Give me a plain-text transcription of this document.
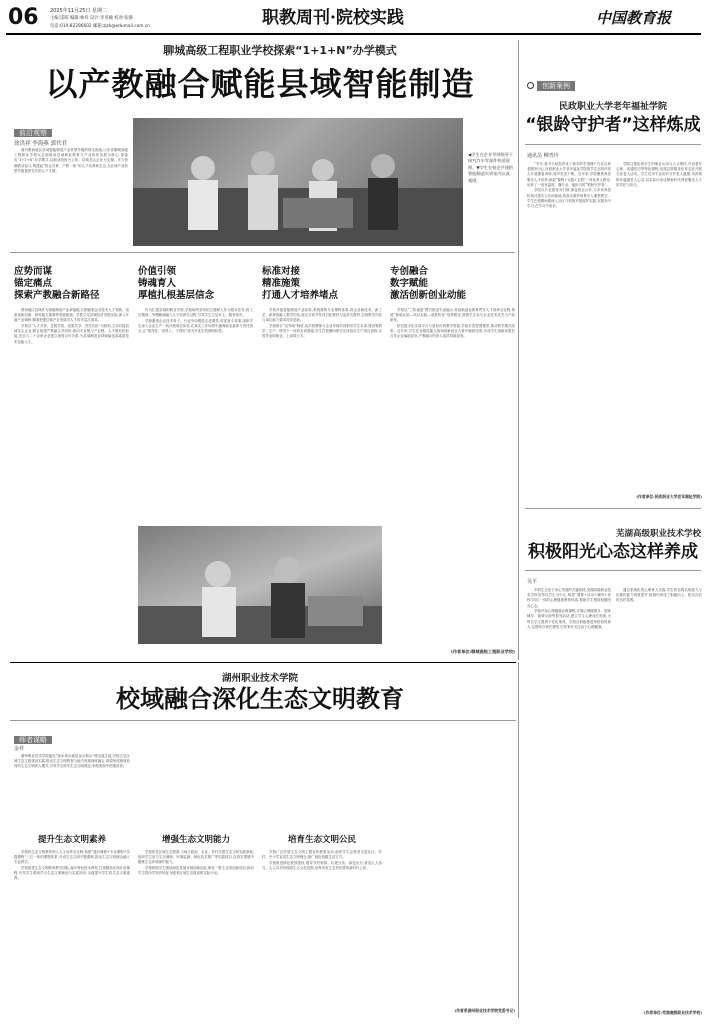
06 2025年11月25日 星期二
主编:雷晖 编辑:林祥 设计:李亚楠 校对:张静
电话:010-82296602 邮箱:zjzk@edumail.com.cn	职教周刊·院校实践	中国教育报
聊城高级工程职业学校探索“1+1+N”办学模式
以产教融合赋能县域智能制造
前沿观察
徐洪祥 李海燕 郭代君

面对鲁西地区县域智能制造产业转型升级的现实挑战,山东省聊城高级工程职业学校以全面推动县域职业教育与产业协同发展为核心,探索出“1+1+N”办学模式,以职业院校为主体、县域龙头企业为支撑、多方资源联动参与,构建起“校企共育、产教一体”的人才培养新生态,为区域产业转型升级提供坚实的人才支撑。

◀学生在企业导师指导下探究汽车零部件构造原理。▼学生在校企共建的智能制造实训室内认真观摩。
应势而谋
锚定痛点
探索产教融合新路径

鲁西地区县域作为智能制造产业承接地,长期面临企业技术人才短缺、设备更新迟缓、研发能力薄弱等发展瓶颈。学校立足县域经济发展实际,深入开展产业调研,精准把握区域产业发展对人才的多层次需求。

学校以“人才共育、过程共管、成果共享、责任共担”为原则,主动对接县域龙头企业,联合组建产教融合共同体,推动专业链与产业链、人才链有机衔接,先后与二十余家企业建立深度合作关系,为县域制造业持续输送高素质技术技能人才。

价值引领
铸魂育人
厚植扎根基层信念

作为扎根县域的职业学校,学校始终坚持把立德树人作为根本任务,将工匠精神、劳模精神融入人才培养全过程,引导学生立足本土、服务家乡。

学校邀请企业技术骨干、行业劳动模范走进课堂,讲述奋斗故事,组织学生深入企业生产一线开展岗位体验,在真实工作场景中涵养职业素养与责任担当,让“留得住、用得上、干得好”成为毕业生的鲜明标签。

标准对接
精准施策
打通人才培养堵点

学校对接智能制造产业标准,系统重构专业课程体系,将企业新技术、新工艺、新规范融入教学内容,校企共同开发项目化教材与活页式教材,实现教学内容与岗位能力要求同步更新。

学校推行“双导师”制度,由学校教师与企业导师共同指导学生实训,建设集教学、生产、研发于一体的实训基地,学生在校期间即可完成真实生产项目训练,实现毕业即就业、上岗即上手。

专创融合
数字赋能
激活创新创业动能

学校以“三阶递进”模式推进专创融合,将创新创业教育贯穿人才培养全过程,构建“基础认知—项目实践—成果转化”培养路径,鼓励学生参与企业技术攻关与产品研发。

依托数字化实训平台与虚拟仿真教学资源,学校打造智慧课堂,推动教学模式改革。近年来,学生在各级技能大赛和创新创业大赛中屡获佳绩,多项学生创新成果在合作企业落地应用,产教融合的育人成效持续显现。

(作者单位:聊城高级工程职业学校)
创新案例
民政职业大学老年福祉学院
“银龄守护者”这样炼成
通讯员 柳青玲

“爷爷,我今天给您带来了新学的手指操!”在社区养老服务中心,民政职业大学老年福祉学院的学生正陪伴老人开展康复训练,欢声笑语不断。近年来,学院聚焦养老服务人才培养,探索“课程+实践+志愿”一体化育人路径,培养了一批有温度、懂专业、能担当的“银龄守护者”。

学院以专业建设为引领,深化校企合作,与多家养老机构共建实习实训基地,将真实照护场景引入课堂教学。学生在校期间即深入社区与机构开展照护实践,在服务中学习,在学习中成长。

学院注重培育学生的职业认同与人文情怀,开设老年心理、沟通技巧等特色课程,组建志愿服务队常态化开展关爱老人活动。学生们用专业知识守护老人健康,用真情陪伴温暖老人心灵,以实际行动诠释新时代养老服务人才的责任与担当。

(作者单位:民政职业大学老年福祉学院)
芜湖高级职业技术学校
积极阳光心态这样养成
湖州职业技术学院
校域融合深化生态文明教育
师者谋略
金祥

湖州职业技术学院地处“绿水青山就是金山银山”理念诞生地,学校立足区域生态文明建设实践,推动生态文明教育与地方资源深度融合,探索形成校域协同的生态文明育人模式,引导学生树牢生态文明理念,争做美丽中国建设者。

提升生态文明素养

学校将生态文明教育纳入人才培养全过程,构建“通识课程+专业课程+实践课程”三位一体的课程体系,开设生态文明专题课程,推动生态文明理念融入专业教学。

学校组建生态文明教育教学团队,编写特色校本教材,打造精品在线开放课程,引导学生系统学习生态文明理论与实践知识,全面提升学生的生态文明素养。

增强生态文明能力

学校依托区域生态资源,与地方政府、企业、乡村共建生态文明实践基地,组织学生参与生态调研、环境监测、绿色技术推广等实践项目,在真实情境中锻炼生态环境保护能力。

学校鼓励学生围绕绿色发展开展创新创业,孵化一批生态类创新项目,推动学生将所学知识转化为服务区域生态建设的实际行动。

培育生态文明公民

学校广泛开展生态文明主题宣传教育活动,组织学生志愿者走进社区、乡村、中小学宣讲生态文明理念,推广绿色低碳生活方式。

学校推进绿色校园建设,倡导节约资源、垃圾分类、绿色出行,营造人人参与、人人共享的校园生态文化氛围,培养具有生态责任感的新时代公民。

(作者系湖州职业技术学院党委书记)
吴平

中职生正处于身心发展的关键阶段,芜湖高级职业技术学校坚持以学生为中心,构建“课程+活动+辅导+家校”四位一体的心理健康教育体系,帮助学生塑造积极阳光心态。

学校开设心理健康必修课程,开展心理健康月、团体辅导、朋辈互助等系列活动,建立学生心理成长档案,为每位学生提供个性化指导。学校还积极推进家校协同育人,定期举办家长课堂,引导家长关注孩子心理健康。

通过系统化的心理育人实践,学生的自我认知能力与抗挫折能力明显提升,校园内形成了积极向上、阳光自信的良好氛围。

(作者单位:芜湖高级职业技术学校)
